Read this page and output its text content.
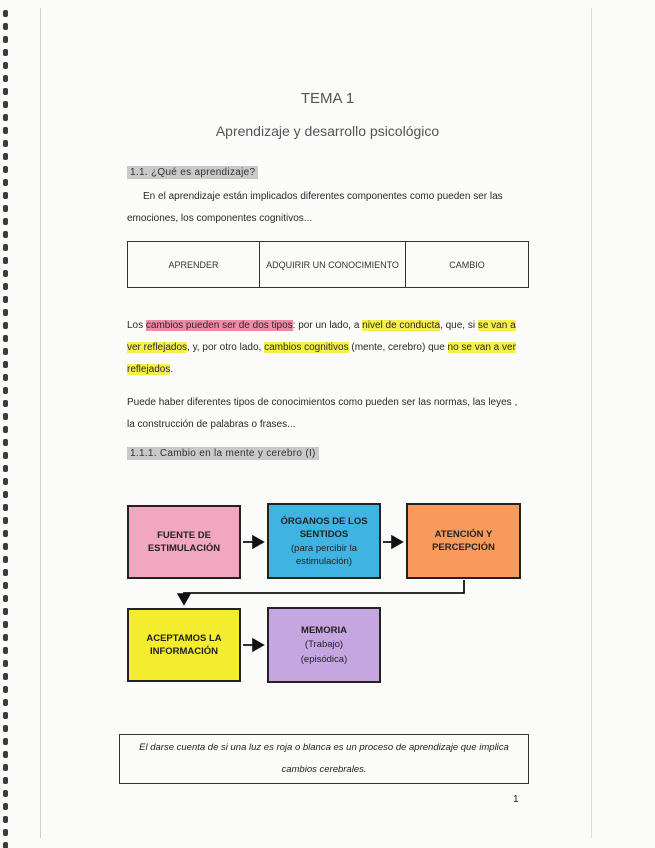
TEMA 1
Aprendizaje y desarrollo psicológico
1.1. ¿Qué es aprendizaje?
En el aprendizaje están implicados diferentes componentes como pueden ser las
emociones, los componentes cognitivos...
APRENDER	ADQUIRIR UN CONOCIMIENTO	CAMBIO
Los cambios pueden ser de dos tipos: por un lado, a nivel de conducta, que, si se van a ver reflejados, y, por otro lado, cambios cognitivos (mente, cerebro) que no se van a ver reflejados.
Puede haber diferentes tipos de conocimientos como pueden ser las normas, las leyes ,
la construcción de palabras o frases...
1.1.1. Cambio en la mente y cerebro (I)
FUENTE DE
ESTIMULACIÓN
ÓRGANOS DE LOS
SENTIDOS
(para percibir la
estimulación)
ATENCIÓN Y
PERCEPCIÓN
ACEPTAMOS LA
INFORMACIÓN
MEMORIA
(Trabajo)
(episódica)
El darse cuenta de si una luz es roja o blanca es un proceso de aprendizaje que implica
cambios cerebrales.
1
